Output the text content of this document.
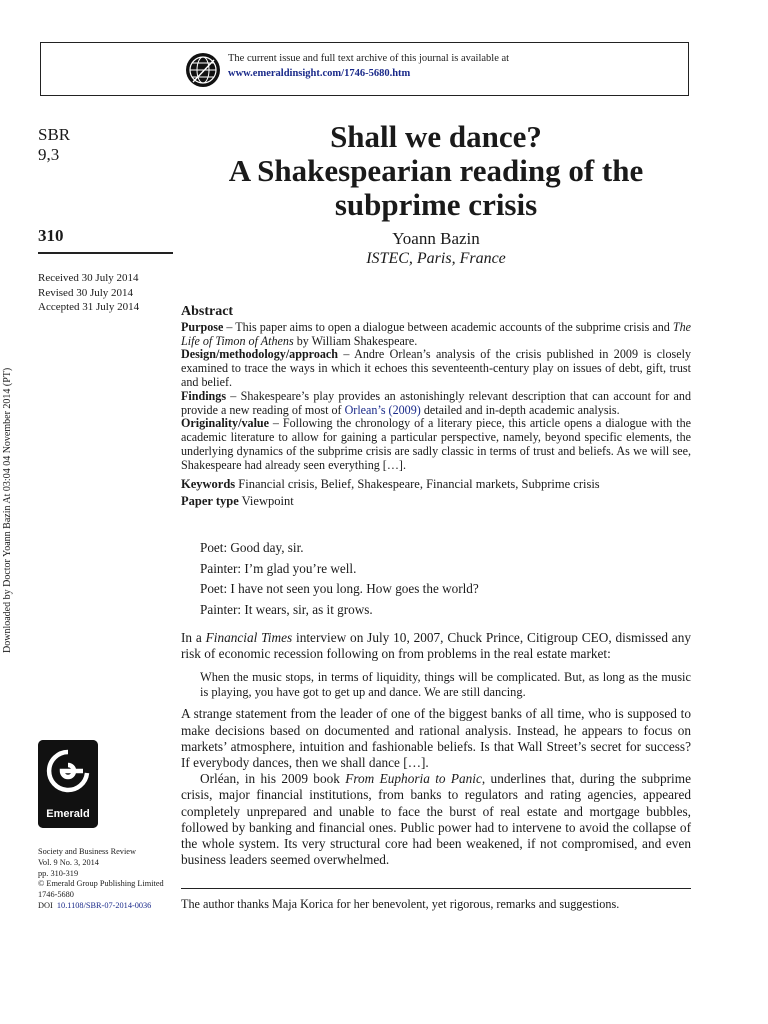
The current issue and full text archive of this journal is available at
www.emeraldinsight.com/1746-5680.htm
SBR
9,3
310
Received 30 July 2014
Revised 30 July 2014
Accepted 31 July 2014
Downloaded by Doctor Yoann Bazin At 03:04 04 November 2014 (PT)
Emerald
Society and Business Review
Vol. 9 No. 3, 2014
pp. 310-319
© Emerald Group Publishing Limited
1746-5680
DOI 10.1108/SBR-07-2014-0036
Shall we dance?
A Shakespearian reading of the
subprime crisis
Yoann Bazin
ISTEC, Paris, France
Abstract

Purpose – This paper aims to open a dialogue between academic accounts of the subprime crisis and The Life of Timon of Athens by William Shakespeare.

Design/methodology/approach – Andre Orlean’s analysis of the crisis published in 2009 is closely examined to trace the ways in which it echoes this seventeenth-century play on issues of debt, gift, trust and belief.

Findings – Shakespeare’s play provides an astonishingly relevant description that can account for and provide a new reading of most of Orlean’s (2009) detailed and in-depth academic analysis.

Originality/value – Following the chronology of a literary piece, this article opens a dialogue with the academic literature to allow for gaining a particular perspective, namely, beyond specific elements, the underlying dynamics of the subprime crisis are sadly classic in terms of trust and beliefs. As we will see, Shakespeare had already seen everything […].

Keywords Financial crisis, Belief, Shakespeare, Financial markets, Subprime crisis

Paper type Viewpoint

Poet: Good day, sir.
Painter: I’m glad you’re well.
Poet: I have not seen you long. How goes the world?
Painter: It wears, sir, as it grows.

In a Financial Times interview on July 10, 2007, Chuck Prince, Citigroup CEO, dismissed any risk of economic recession following on from problems in the real estate market:

When the music stops, in terms of liquidity, things will be complicated. But, as long as the music is playing, you have got to get up and dance. We are still dancing.

A strange statement from the leader of one of the biggest banks of all time, who is supposed to make decisions based on documented and rational analysis. Instead, he appears to focus on markets’ atmosphere, intuition and fashionable beliefs. Is that Wall Street’s secret for success? If everybody dances, then we shall dance […].

Orléan, in his 2009 book From Euphoria to Panic, underlines that, during the subprime crisis, major financial institutions, from banks to regulators and rating agencies, appeared completely unprepared and unable to face the burst of real estate and mortgage bubbles, followed by banking and financial ones. Public power had to intervene to avoid the collapse of the whole system. Its very structural core had been weakened, if not compromised, and even business leaders seemed overwhelmed.

The author thanks Maja Korica for her benevolent, yet rigorous, remarks and suggestions.
